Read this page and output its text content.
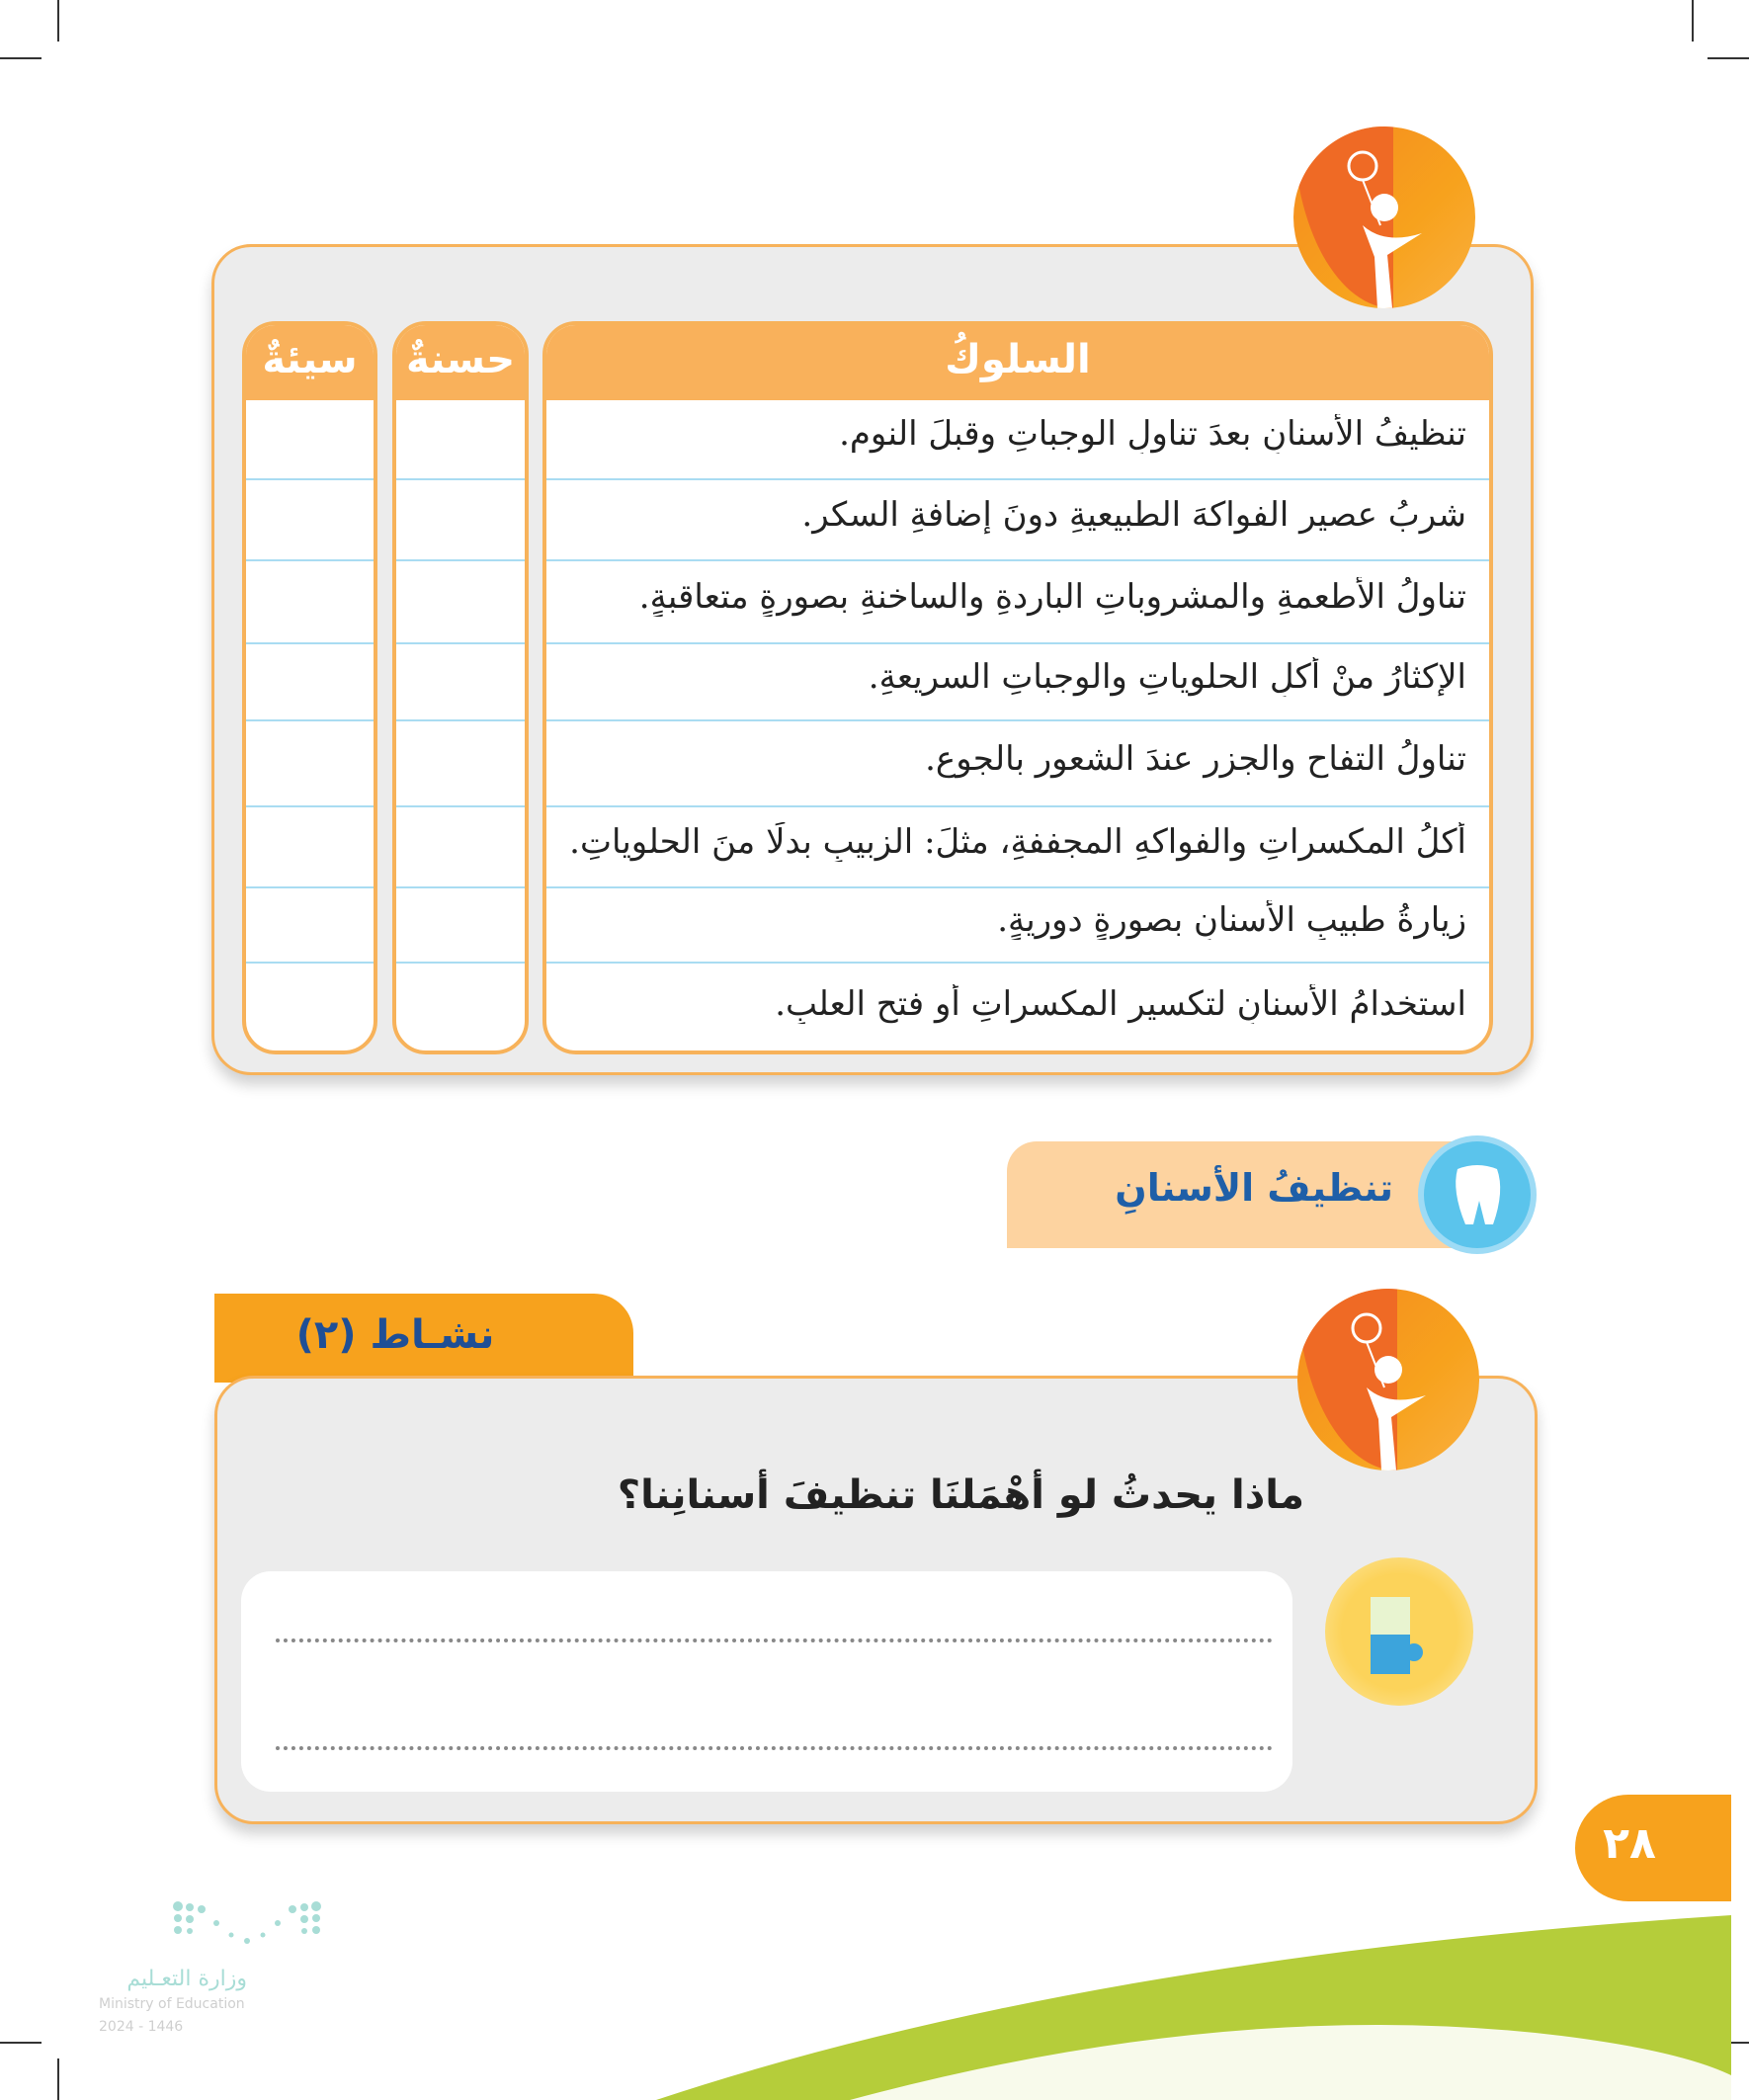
السلوكُ
حسنةٌ
سيئةٌ
تنظيفُ الأسنانِ بعدَ تناولِ الوجباتِ وقبلَ النومِ.
شربُ عصيرِ الفواكهَ الطبيعيةِ دونَ إضافةِ السكرِ.
تناولُ الأطعمةِ والمشروباتِ الباردةِ والساخنةِ بصورةٍ متعاقبةٍ.
الإكثارُ منْ أكلِ الحلوياتِ والوجباتِ السريعةِ.
تناولُ التفاحِ والجزرِ عندَ الشعورِ بالجوعِ.
أكلُ المكسراتِ والفواكهِ المجففةِ، مثلَ: الزبيبِ بدلًا منَ الحلوياتِ.
زيارةُ طبيبِ الأسنانِ بصورةٍ دوريةٍ.
استخدامُ الأسنانِ لتكسيرِ المكسراتِ أو فتحِ العلبِ.
تنظيفُ الأسنانِ
نشـاط (٢)
ماذا يحدثُ لو أهْمَلنَا تنظيفَ أسنانِنا؟
٢٨
وزارة التعـليم
Ministry of Education
2024 - 1446
